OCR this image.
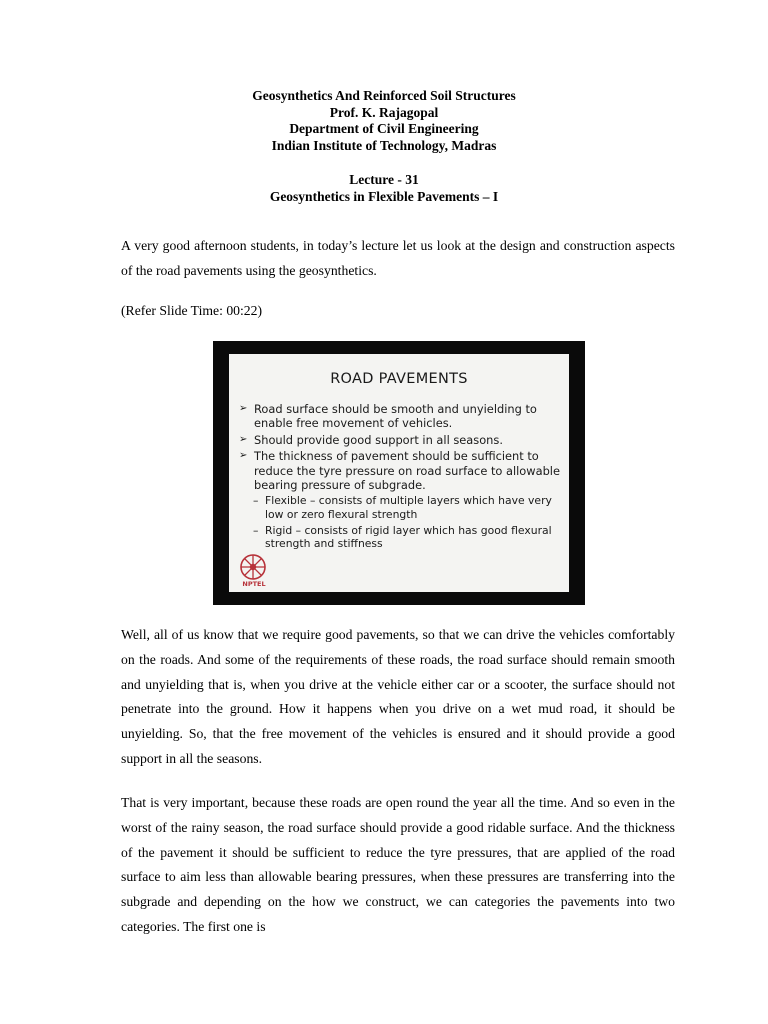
Geosynthetics And Reinforced Soil Structures
Prof. K. Rajagopal
Department of Civil Engineering
Indian Institute of Technology, Madras
Lecture - 31
Geosynthetics in Flexible Pavements – I

A very good afternoon students, in today’s lecture let us look at the design and construction aspects of the road pavements using the geosynthetics.

(Refer Slide Time: 00:22)

ROAD PAVEMENTS
➢ Road surface should be smooth and unyielding to enable free movement of vehicles.
➢ Should provide good support in all seasons.
➢ The thickness of pavement should be sufficient to reduce the tyre pressure on road surface to allowable bearing pressure of subgrade.
– Flexible – consists of multiple layers which have very low or zero flexural strength
– Rigid – consists of rigid layer which has good flexural strength and stiffness
NPTEL

Well, all of us know that we require good pavements, so that we can drive the vehicles comfortably on the roads. And some of the requirements of these roads, the road surface should remain smooth and unyielding that is, when you drive at the vehicle either car or a scooter, the surface should not penetrate into the ground. How it happens when you drive on a wet mud road, it should be unyielding. So, that the free movement of the vehicles is ensured and it should provide a good support in all the seasons.

That is very important, because these roads are open round the year all the time. And so even in the worst of the rainy season, the road surface should provide a good ridable surface. And the thickness of the pavement it should be sufficient to reduce the tyre pressures, that are applied of the road surface to aim less than allowable bearing pressures, when these pressures are transferring into the subgrade and depending on the how we construct, we can categories the pavements into two categories. The first one is
